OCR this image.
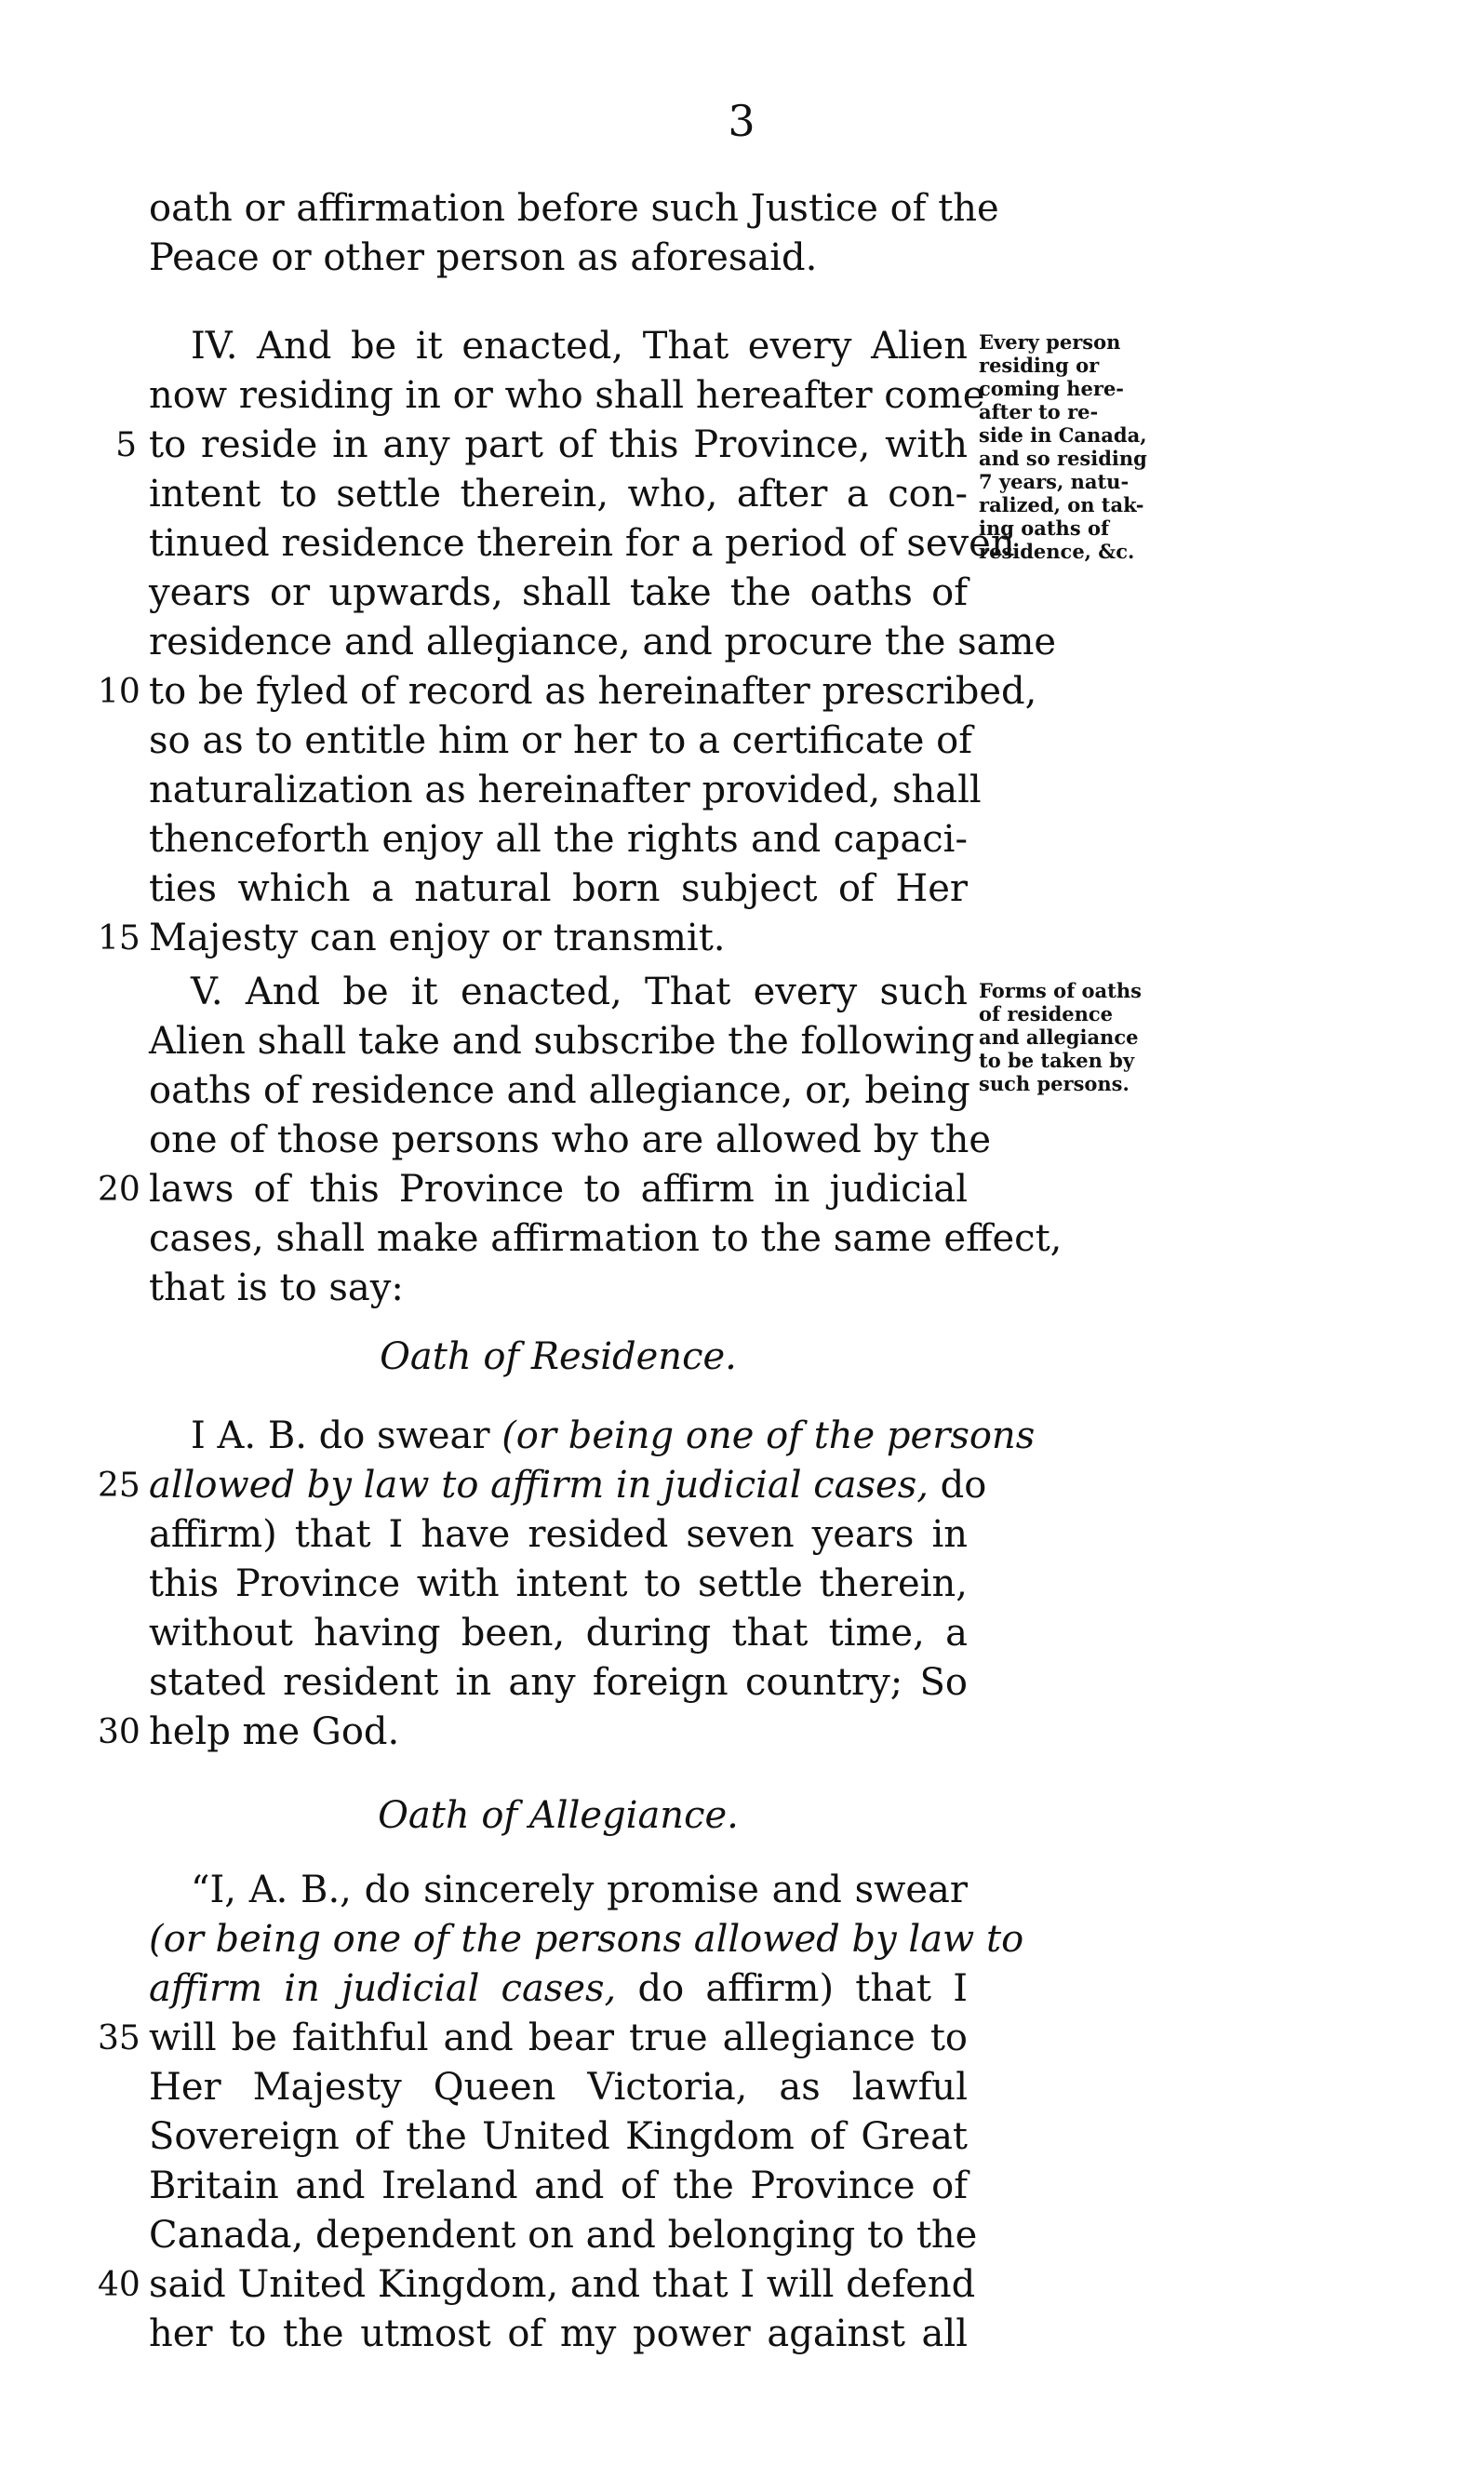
3
oath or affirmation before such Justice of the
Peace or other person as aforesaid.
IV. And be it enacted, That every Alien
now residing in or who shall hereafter come
5 to reside in any part of this Province, with
intent to settle therein, who, after a con-
tinued residence therein for a period of seven
years or upwards, shall take the oaths of
residence and allegiance, and procure the same
10 to be fyled of record as hereinafter prescribed,
so as to entitle him or her to a certificate of
naturalization as hereinafter provided, shall
thenceforth enjoy all the rights and capaci-
ties which a natural born subject of Her
15 Majesty can enjoy or transmit.
Every person
residing or
coming here-
after to re-
side in Canada,
and so residing
7 years, natu-
ralized, on tak-
ing oaths of
residence, &c.
V. And be it enacted, That every such
Alien shall take and subscribe the following
oaths of residence and allegiance, or, being
one of those persons who are allowed by the
20 laws of this Province to affirm in judicial
cases, shall make affirmation to the same effect,
that is to say:
Forms of oaths
of residence
and allegiance
to be taken by
such persons.
Oath of Residence.
I A. B. do swear (or being one of the persons
25 allowed by law to affirm in judicial cases, do
affirm) that I have resided seven years in
this Province with intent to settle therein,
without having been, during that time, a
stated resident in any foreign country; So
30 help me God.
Oath of Allegiance.
“I, A. B., do sincerely promise and swear
(or being one of the persons allowed by law to
affirm in judicial cases, do affirm) that I
35 will be faithful and bear true allegiance to
Her Majesty Queen Victoria, as lawful
Sovereign of the United Kingdom of Great
Britain and Ireland and of the Province of
Canada, dependent on and belonging to the
40 said United Kingdom, and that I will defend
her to the utmost of my power against all
